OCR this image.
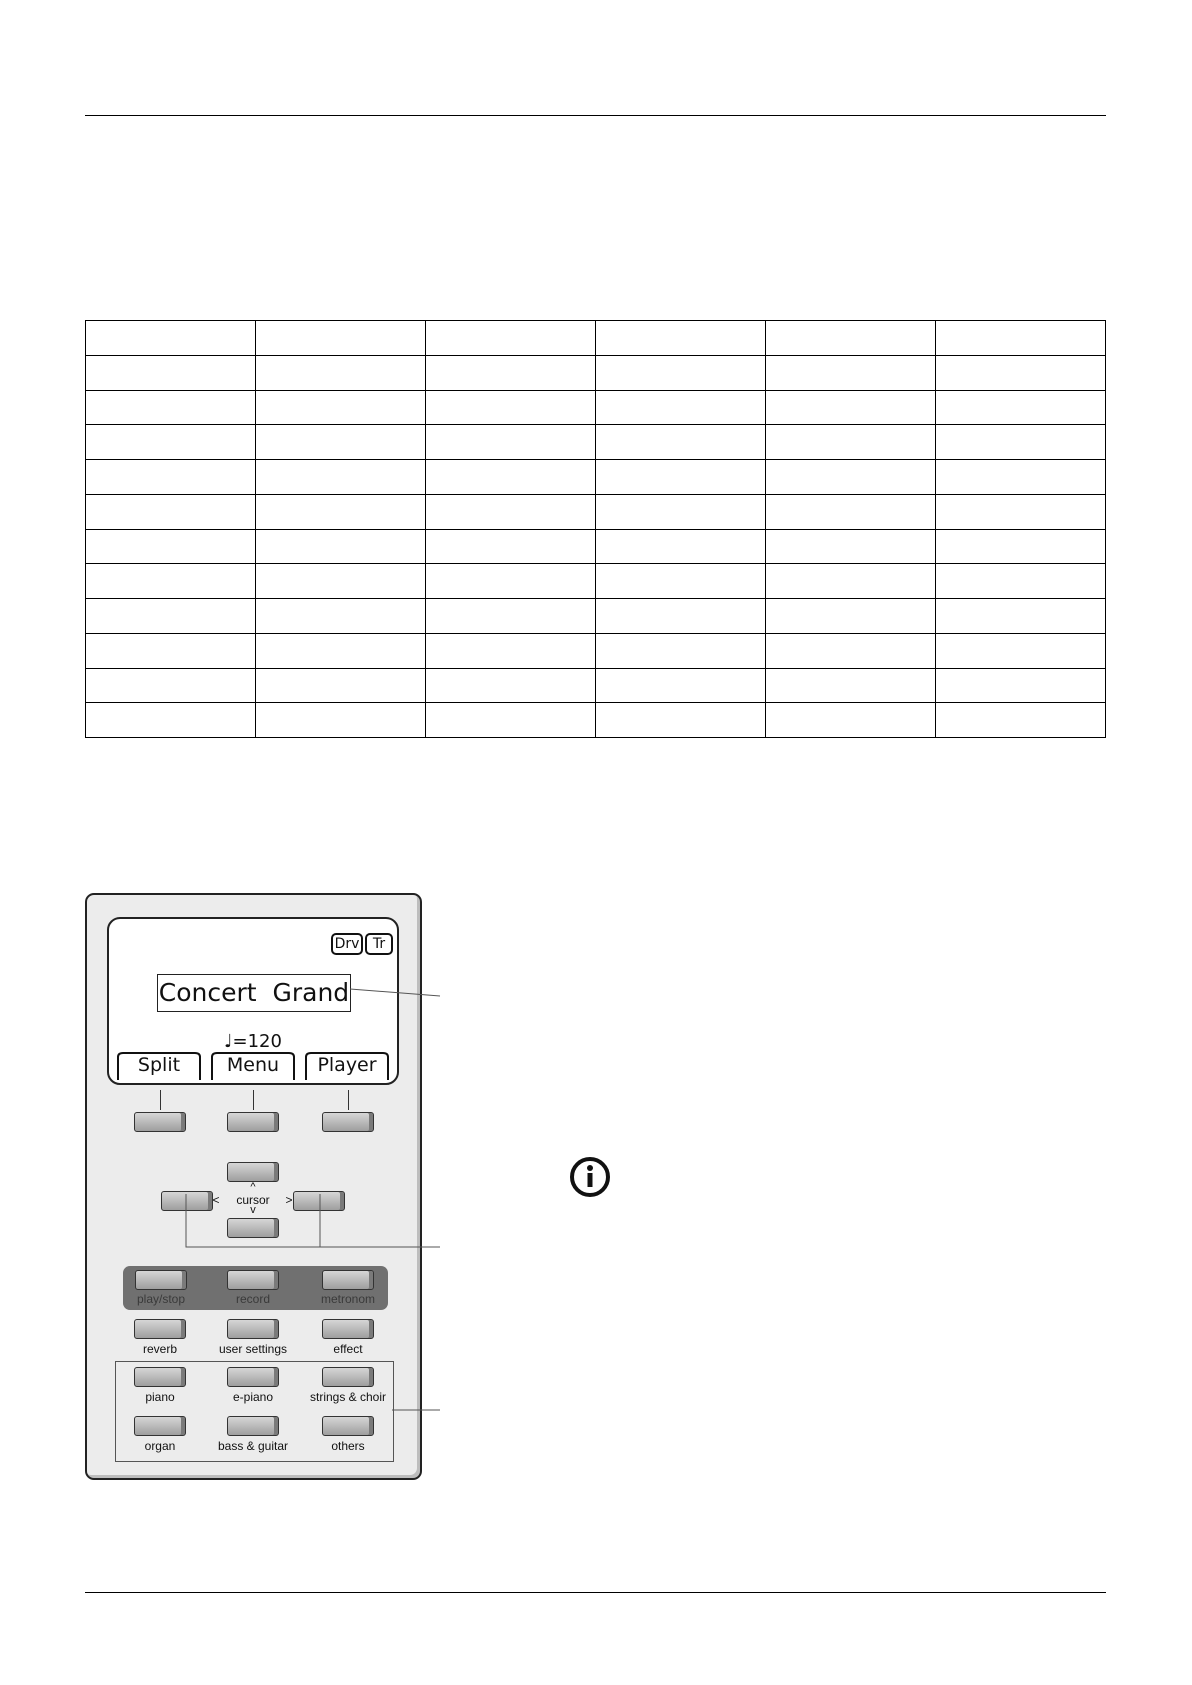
Drv Tr
Concert  Grand
♩=120
Split	Menu	Player
^
<	cursor	>
v
play/stop	record	metronom
reverb	user settings	effect
piano	e-piano	strings & choir
organ	bass & guitar	others
